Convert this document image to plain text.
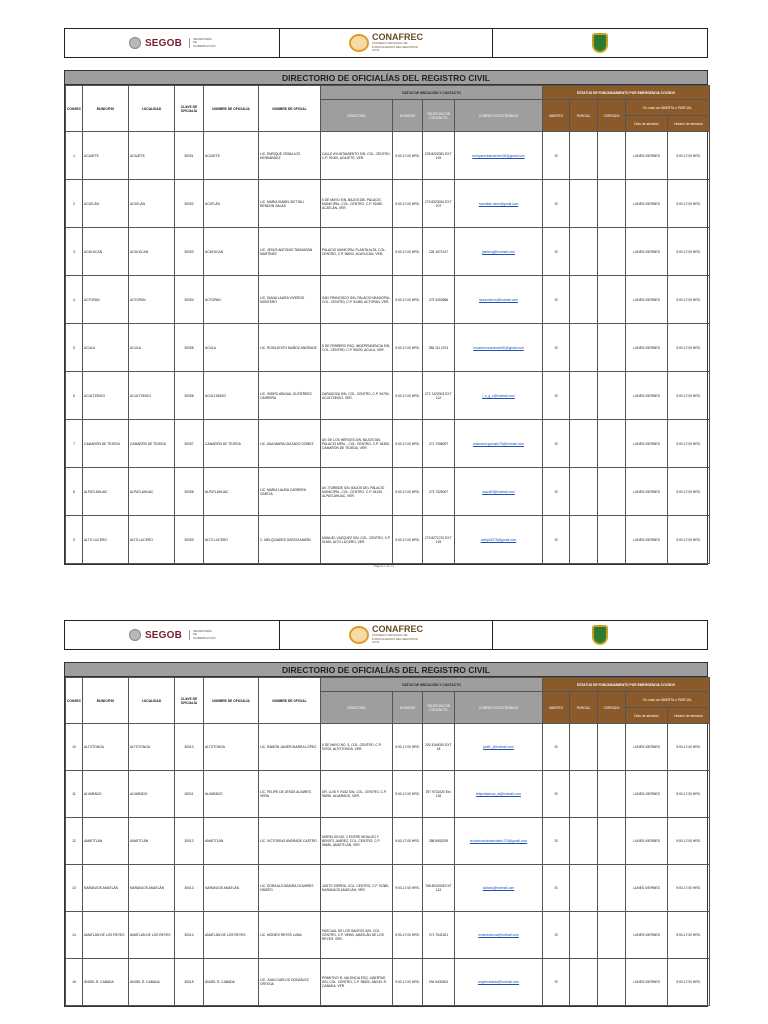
SEGOB	SECRETARÍA DE GOBERNACIÓN
CONAFREC
CONSEJO NACIONAL DE FUNCIONARIOS DEL REGISTRO CIVIL
DIRECTORIO DE OFICIALÍAS DEL REGISTRO CIVIL
CONSEC	MUNICIPIO	LOCALIDAD	CLAVE DE OFICIALÍA	NOMBRE DE OFICIALÍA	NOMBRE DE OFICIAL	DATOS DE UBICACIÓN Y CONTACTO				ESTATUS DE FUNCIONAMIENTO POR EMERGENCIA COVID19				
						DIRECCIÓN	HORARIO	TELÉFONO DE CONTACTO	CORREO ELECTRÓNICO	ABIERTA	PARCIAL	CERRADA	En caso de ABIERTA o PARCIAL	
													Días de atención	Horario de atención
1	ACAJETE	ACAJETE	30001	ACAJETE	LIC. ENRIQUE CEBALLOS HERNÁNDEZ	CALLE AYUNTAMIENTO S/N, COL. CENTRO, C.P. 91000, ACAJETE, VER.	9:00-17:00 HRS.	228 8202081 EXT. 115	enriqueceballoshdez30@gmail.com	SI			LUNES-VIERNES	9:00-17:00 HRS.
2	ACATLÁN	ACATLÁN	30002	ACATLÁN	LIC. MARIA ISABEL BOTTALI RENDON SALAS	5 DE MAYO S/N, BAJOS DEL PALACIO MUNICIPAL, COL. CENTRO, C.P. 91080, ACATLÁN, VER.	9:00-17:00 HRS.	279 8323034 EXT. 107	rcacatlan.isbrs@gmail.com	SI			LUNES-VIERNES	9:00-17:00 HRS.
3	ACAYUCAN	ACAYUCAN	30003	ACAYUCAN	LIC. JESÚS ANTONIO TANGARAN MARTÍNEZ	PALACIO MUNICIPAL PLANTA ALTA, COL. CENTRO, C.P. 96000, ACAYUCAN, VER.	9:00-17:00 HRS.	228 1571427	jtanteng@hotmail.com	SI			LUNES-VIERNES	9:00-17:00 HRS.
4	ACTOPAN	ACTOPAN	30004	ACTOPAN	LIC. DIANA LAURA VIVEROS MONTERO	SAN FRANCISCO S/N, PALACIO MUNICIPAL, COL. CENTRO, C.P. 91480, ACTOPAN, VER.	9:00-17:00 HRS.	279 3263966	lauraviveros@hotmail.com	SI			LUNES-VIERNES	9:00-17:00 HRS.
5	ACULA	ACULA	30005	ACULA	LIC. ROSA EDITH MUÑOZ ANDRADE	5 DE FEBRERO ESQ. INDEPENDENCIA S/N, COL. CENTRO, C.P. 95200, ACULA, VER.	9:00-17:00 HRS.	288 111 2074	rosamunozandrade30@gmail.com	SI			LUNES-VIERNES	9:00-17:00 HRS.
6	ACULTZINGO	ACULTZINGO	30006	ACULTZINGO	LIC. ISIDRO ABIGAIL GUTIÉRREZ CARRERA	ZARAGOZA S/N, COL. CENTRO, C.P. 94750, ACULTZINGO, VER.	9:00-17:00 HRS.	272 7422003 EXT. 112	i_a_g_c@hotmail.com	SI			LUNES-VIERNES	9:00-17:00 HRS.
7	CAMARÓN DE TEJEDA	CAMARÓN DE TEJEDA	30007	CAMARÓN DE TEJEDA	LIC. ANA MARIA GUIZADO GÓMEZ	AV. DE LOS HÉROES S/N, BAJOS DEL PALACIO MPAL., COL. CENTRO, C.P. 94350, CAMARÓN DE TEJEDA, VER.	9:00-17:00 HRS.	271 7056097	anamaria.guizado75@hotmail.com	SI			LUNES-VIERNES	9:00-17:00 HRS.
8	ALPATLÁHUAC	ALPATLÁHUAC	30008	ALPATLÁHUAC	LIC. MARIA LAURA CARRERA GARCÍA	AV. ITURBIDE S/N, BAJOS DEL PALACIO MUNICIPAL, COL. CENTRO, C.P. 94130, ALPATLÁHUAC, VER.	9:00-17:00 HRS.	273 7325007	lauca83@hotmail.com	SI			LUNES-VIERNES	9:00-17:00 HRS.
9	ALTO LUCERO	ALTO LUCERO	30009	ALTO LUCERO	C. MELQUÍADES GARCÍA MARÍN	MANUEL VÁZQUEZ S/N, COL. CENTRO, C.P. 91460, ALTO LUCERO, VER.	9:00-17:00 HRS.	279 8271070 EXT. 115	melqui1978@gmail.com	SI			LUNES-VIERNES	9:00-17:00 HRS.
Página 1 de 71
SEGOB	SECRETARÍA DE GOBERNACIÓN
CONAFREC
CONSEJO NACIONAL DE FUNCIONARIOS DEL REGISTRO CIVIL
DIRECTORIO DE OFICIALÍAS DEL REGISTRO CIVIL
CONSEC	MUNICIPIO	LOCALIDAD	CLAVE DE OFICIALÍA	NOMBRE DE OFICIALÍA	NOMBRE DE OFICIAL	DATOS DE UBICACIÓN Y CONTACTO				ESTATUS DE FUNCIONAMIENTO POR EMERGENCIA COVID19				
						DIRECCIÓN	HORARIO	TELÉFONO DE CONTACTO	CORREO ELECTRÓNICO	ABIERTA	PARCIAL	CERRADA	En caso de ABIERTA o PARCIAL	
													Días de atención	Horario de atención
10	ALTOTONGA	ALTOTONGA	30010	ALTOTONGA	LIC. RAMÓN JAVIER IBARRA LÓPEZ	5 DE MAYO NO. 3, COL. CENTRO, C.P. 93700, ALTOTONGA, VER.	9:00-17:00 HRS.	226 3160020 EXT. 18	jarili1_@hotmail.com	SI			LUNES-VIERNES	9:00-17:00 HRS.
11	ALVARADO	ALVARADO	30011	ALVARADO	LIC. FELIPE DE JESÚS ALVARES VERA	DR. LUIS F. RUIZ S/N, COL. CENTRO, C.P. 95250, ALVARADO, VER.	9:00-17:00 HRS.	297 9731020 Ext. 118	felipedejesus_al@hotmail.com	SI			LUNES-VIERNES	9:00-17:00 HRS.
12	AMATITLÁN	AMATITLÁN	30012	AMATITLÁN	LIC. VICTORINO ANDRADE CASTRO	MORELOS NO. 2 ENTRE HIDALGO Y BENITO JUÁREZ, COL. CENTRO, C.P. 95480, AMATITLÁN, VER.	9:00-17:00 HRS.	288 8952029	victorinoandradecastro715@gmail.com	SI			LUNES-VIERNES	9:00-17:00 HRS.
13	NARANJOS AMATLÁN	NARANJOS AMATLÁN	30013	NARANJOS AMATLÁN	LIC. DORA ALEJANDRA OLIVARES OBISPO	JUSTO SIERRA, COL. CENTRO, C.P. 92380, NARANJOS AMATLÁN, VER.	9:00-17:00 HRS.	768 8910928 EXT 113	dolivao@hotmail.com	SI			LUNES-VIERNES	9:00-17:00 HRS.
14	AMATLÁN DE LOS REYES	AMATLÁN DE LOS REYES	30014	AMATLÁN DE LOS REYES	LIC. MOISÉS REYES LUNA	PASCUAL DE LOS SANTOS S/N, COL. CENTRO, C.P. 94950, AMATLÁN DE LOS REYES, VER.	9:00-17:00 HRS.	271 7541301	moisesreluna@hotmail.com	SI			LUNES-VIERNES	9:00-17:00 HRS.
15	ÁNGEL R. CABADA	ÁNGEL R. CABADA	30015	ÁNGEL R. CABADA	LIC. JUAN CARLOS GONZÁLEZ ORTEGA	PRIMITIVO R. VALENCIA ESQ. LIBERTAD S/N, COL. CENTRO, C.P. 95800, ÁNGEL R. CABADA, VER.	9:00-17:00 HRS.	294 9430302	angelrcabada@hotmail.com	SI			LUNES-VIERNES	9:00-17:00 HRS.
